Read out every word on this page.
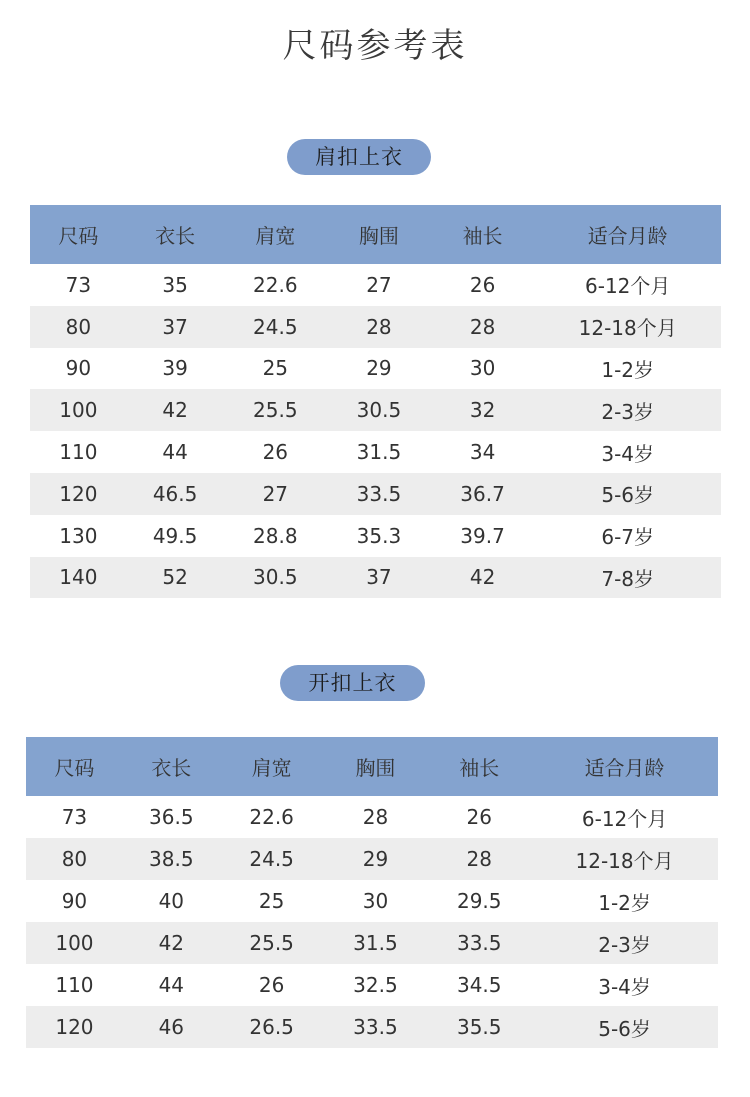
尺码参考表
肩扣上衣
尺码	衣长	肩宽	胸围	袖长	适合月龄
73	35	22.6	27	26	6-12个月
80	37	24.5	28	28	12-18个月
90	39	25	29	30	1-2岁
100	42	25.5	30.5	32	2-3岁
110	44	26	31.5	34	3-4岁
120	46.5	27	33.5	36.7	5-6岁
130	49.5	28.8	35.3	39.7	6-7岁
140	52	30.5	37	42	7-8岁
开扣上衣
尺码	衣长	肩宽	胸围	袖长	适合月龄
73	36.5	22.6	28	26	6-12个月
80	38.5	24.5	29	28	12-18个月
90	40	25	30	29.5	1-2岁
100	42	25.5	31.5	33.5	2-3岁
110	44	26	32.5	34.5	3-4岁
120	46	26.5	33.5	35.5	5-6岁
